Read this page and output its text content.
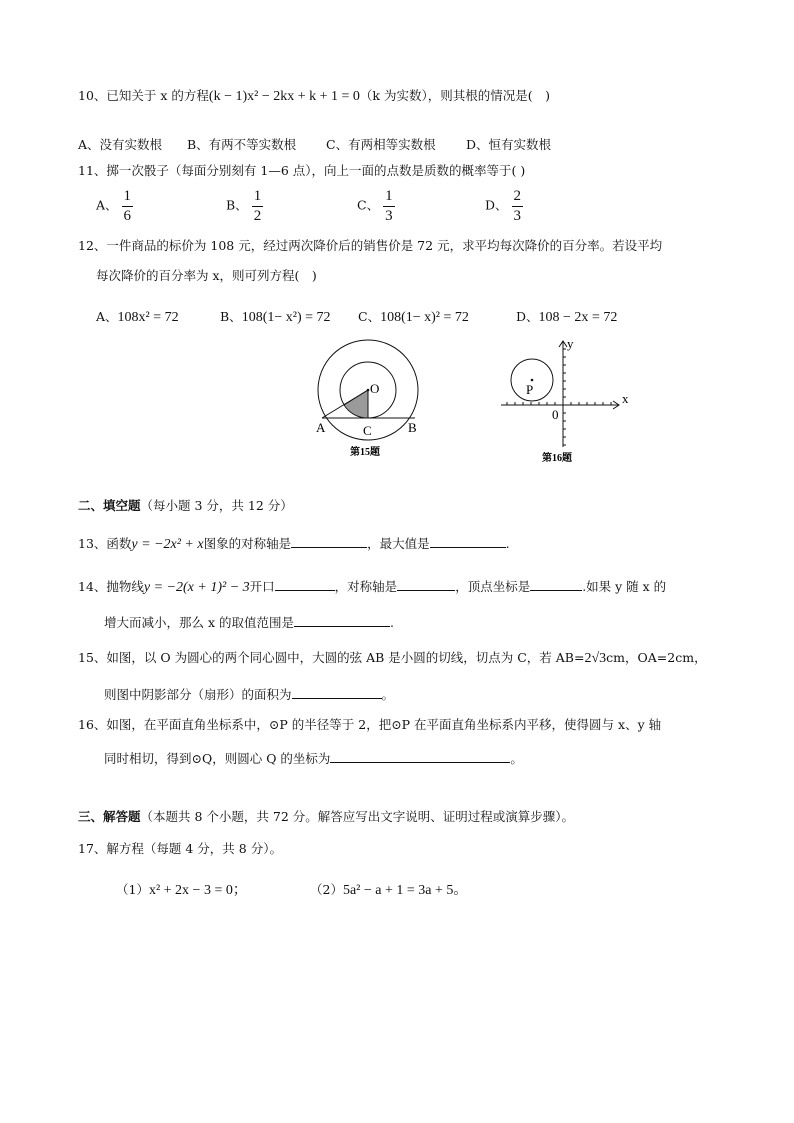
10、已知关于 x 的方程(k − 1)x² − 2kx + k + 1 = 0（k 为实数），则其根的情况是(　)
A、没有实数根 B、有两不等实数根 C、有两相等实数根 D、恒有实数根
11、掷一次骰子（每面分别刻有 1—6 点），向上一面的点数是质数的概率等于( )
A、 $\frac{1}{6}$	B、 $\frac{1}{2}$	C、 $\frac{1}{3}$	D、 $\frac{2}{3}$
12、一件商品的标价为 108 元，经过两次降价后的销售价是 72 元，求平均每次降价的百分率。若设平均
每次降价的百分率为 x，则可列方程(　)
A、108x² = 72	B、108(1− x²) = 72 C、108(1− x)² = 72	D、108 − 2x = 72
O
A	B
C
第15题
P
x
y
0
第16题
二、填空题（每小题 3 分，共 12 分）
13、函数y = −2x² + x图象的对称轴是	，最大值是	.
14、抛物线y = −2(x + 1)² − 3开口	，对称轴是	，顶点坐标是	.如果 y 随 x 的
增大而减小，那么 x 的取值范围是	.
15、如图，以 O 为圆心的两个同心圆中，大圆的弦 AB 是小圆的切线，切点为 C，若 AB=2√3cm，OA=2cm，
则图中阴影部分（扇形）的面积为	。
16、如图，在平面直角坐标系中，⊙P 的半径等于 2，把⊙P 在平面直角坐标系内平移，使得圆与 x、y 轴
同时相切，得到⊙Q，则圆心 Q 的坐标为	。
三、解答题（本题共 8 个小题，共 72 分。解答应写出文字说明、证明过程或演算步骤）。
17、解方程（每题 4 分，共 8 分）。
（1）x² + 2x − 3 = 0；	（2）5a² − a + 1 = 3a + 5。
